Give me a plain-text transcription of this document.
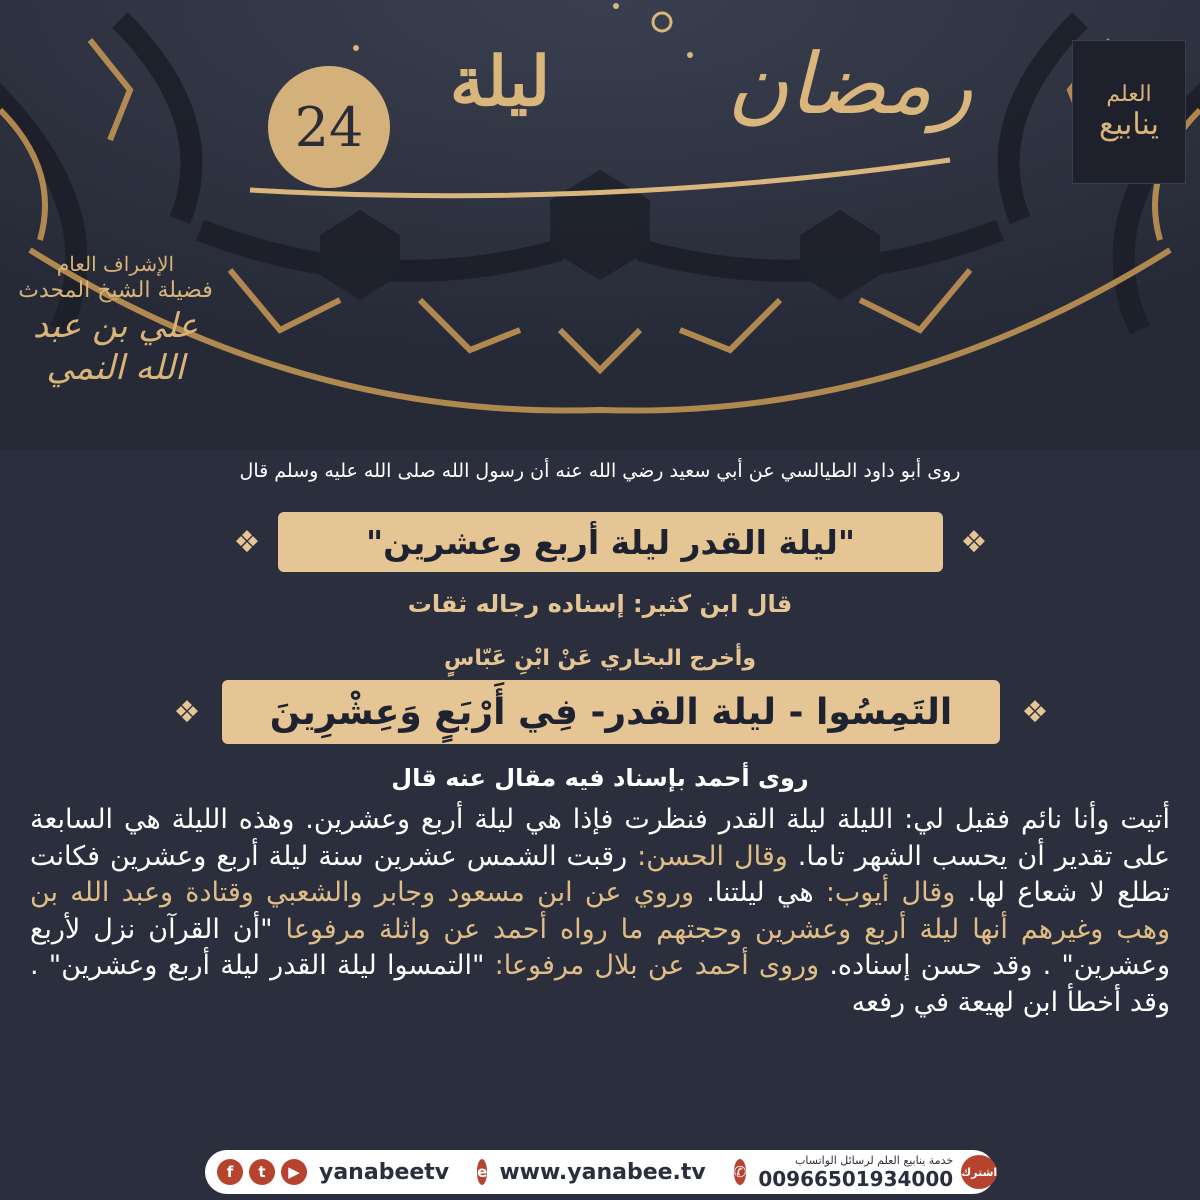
العلم
ينابيع
رمضان
ليلة
24
الإشراف العام
فضيلة الشيخ المحدث
علي بن عبد الله النمي
روى أبو داود الطيالسي عن أبي سعيد رضي الله عنه أن رسول الله صلى الله عليه وسلم قال
❖
"ليلة القدر ليلة أربع وعشرين"
❖
قال ابن كثير: إسناده رجاله ثقات
وأخرج البخاري عَنْ ابْنِ عَبّاسٍ
❖
التَمِسُوا - ليلة القدر- فِي أَرْبَعٍ وَعِشْرِينَ
❖
روى أحمد بإسناد فيه مقال عنه قال
أتيت وأنا نائم فقيل لي: الليلة ليلة القدر فنظرت فإذا هي ليلة أربع وعشرين. وهذه الليلة هي السابعة على تقدير أن يحسب الشهر تاما. وقال الحسن: رقبت الشمس عشرين سنة ليلة أربع وعشرين فكانت تطلع لا شعاع لها. وقال أيوب: هي ليلتنا. وروي عن ابن مسعود وجابر والشعبي وقتادة وعبد الله بن وهب وغيرهم أنها ليلة أربع وعشرين وحجتهم ما رواه أحمد عن واثلة مرفوعا "أن القرآن نزل لأربع وعشرين" . وقد حسن إسناده. وروى أحمد عن بلال مرفوعا: "التمسوا ليلة القدر ليلة أربع وعشرين" . وقد أخطأ ابن لهيعة في رفعه
f	t	▶ yanabeetv e www.yanabee.tv ✆
خدمة ينابيع العلم لرسائل الواتساب
00966501934000 اشترك
